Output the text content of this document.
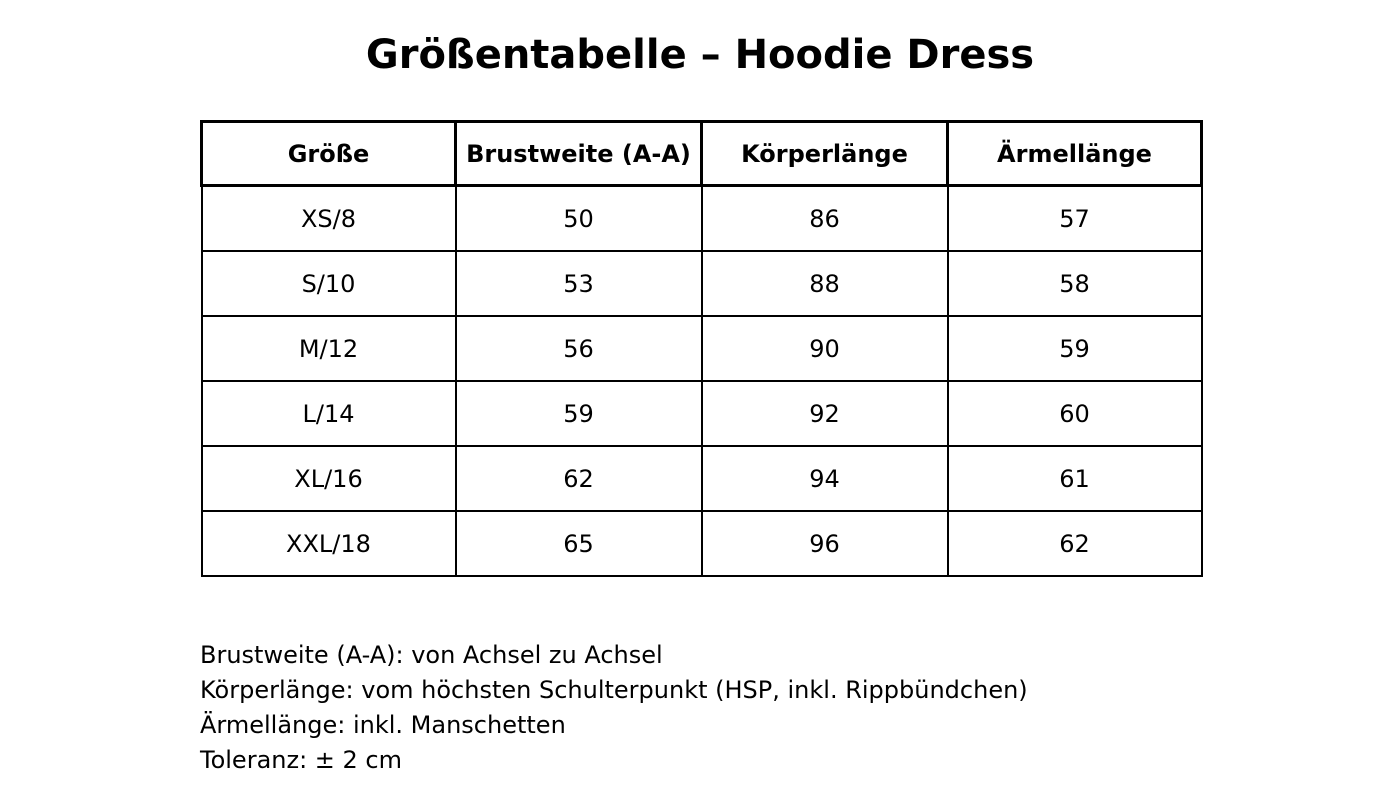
Größentabelle – Hoodie Dress
Größe	Brustweite (A-A)	Körperlänge	Ärmellänge
XS/8	50	86	57
S/10	53	88	58
M/12	56	90	59
L/14	59	92	60
XL/16	62	94	61
XXL/18	65	96	62
Brustweite (A-A): von Achsel zu Achsel
Körperlänge: vom höchsten Schulterpunkt (HSP, inkl. Rippbündchen)
Ärmellänge: inkl. Manschetten
Toleranz: ± 2 cm
